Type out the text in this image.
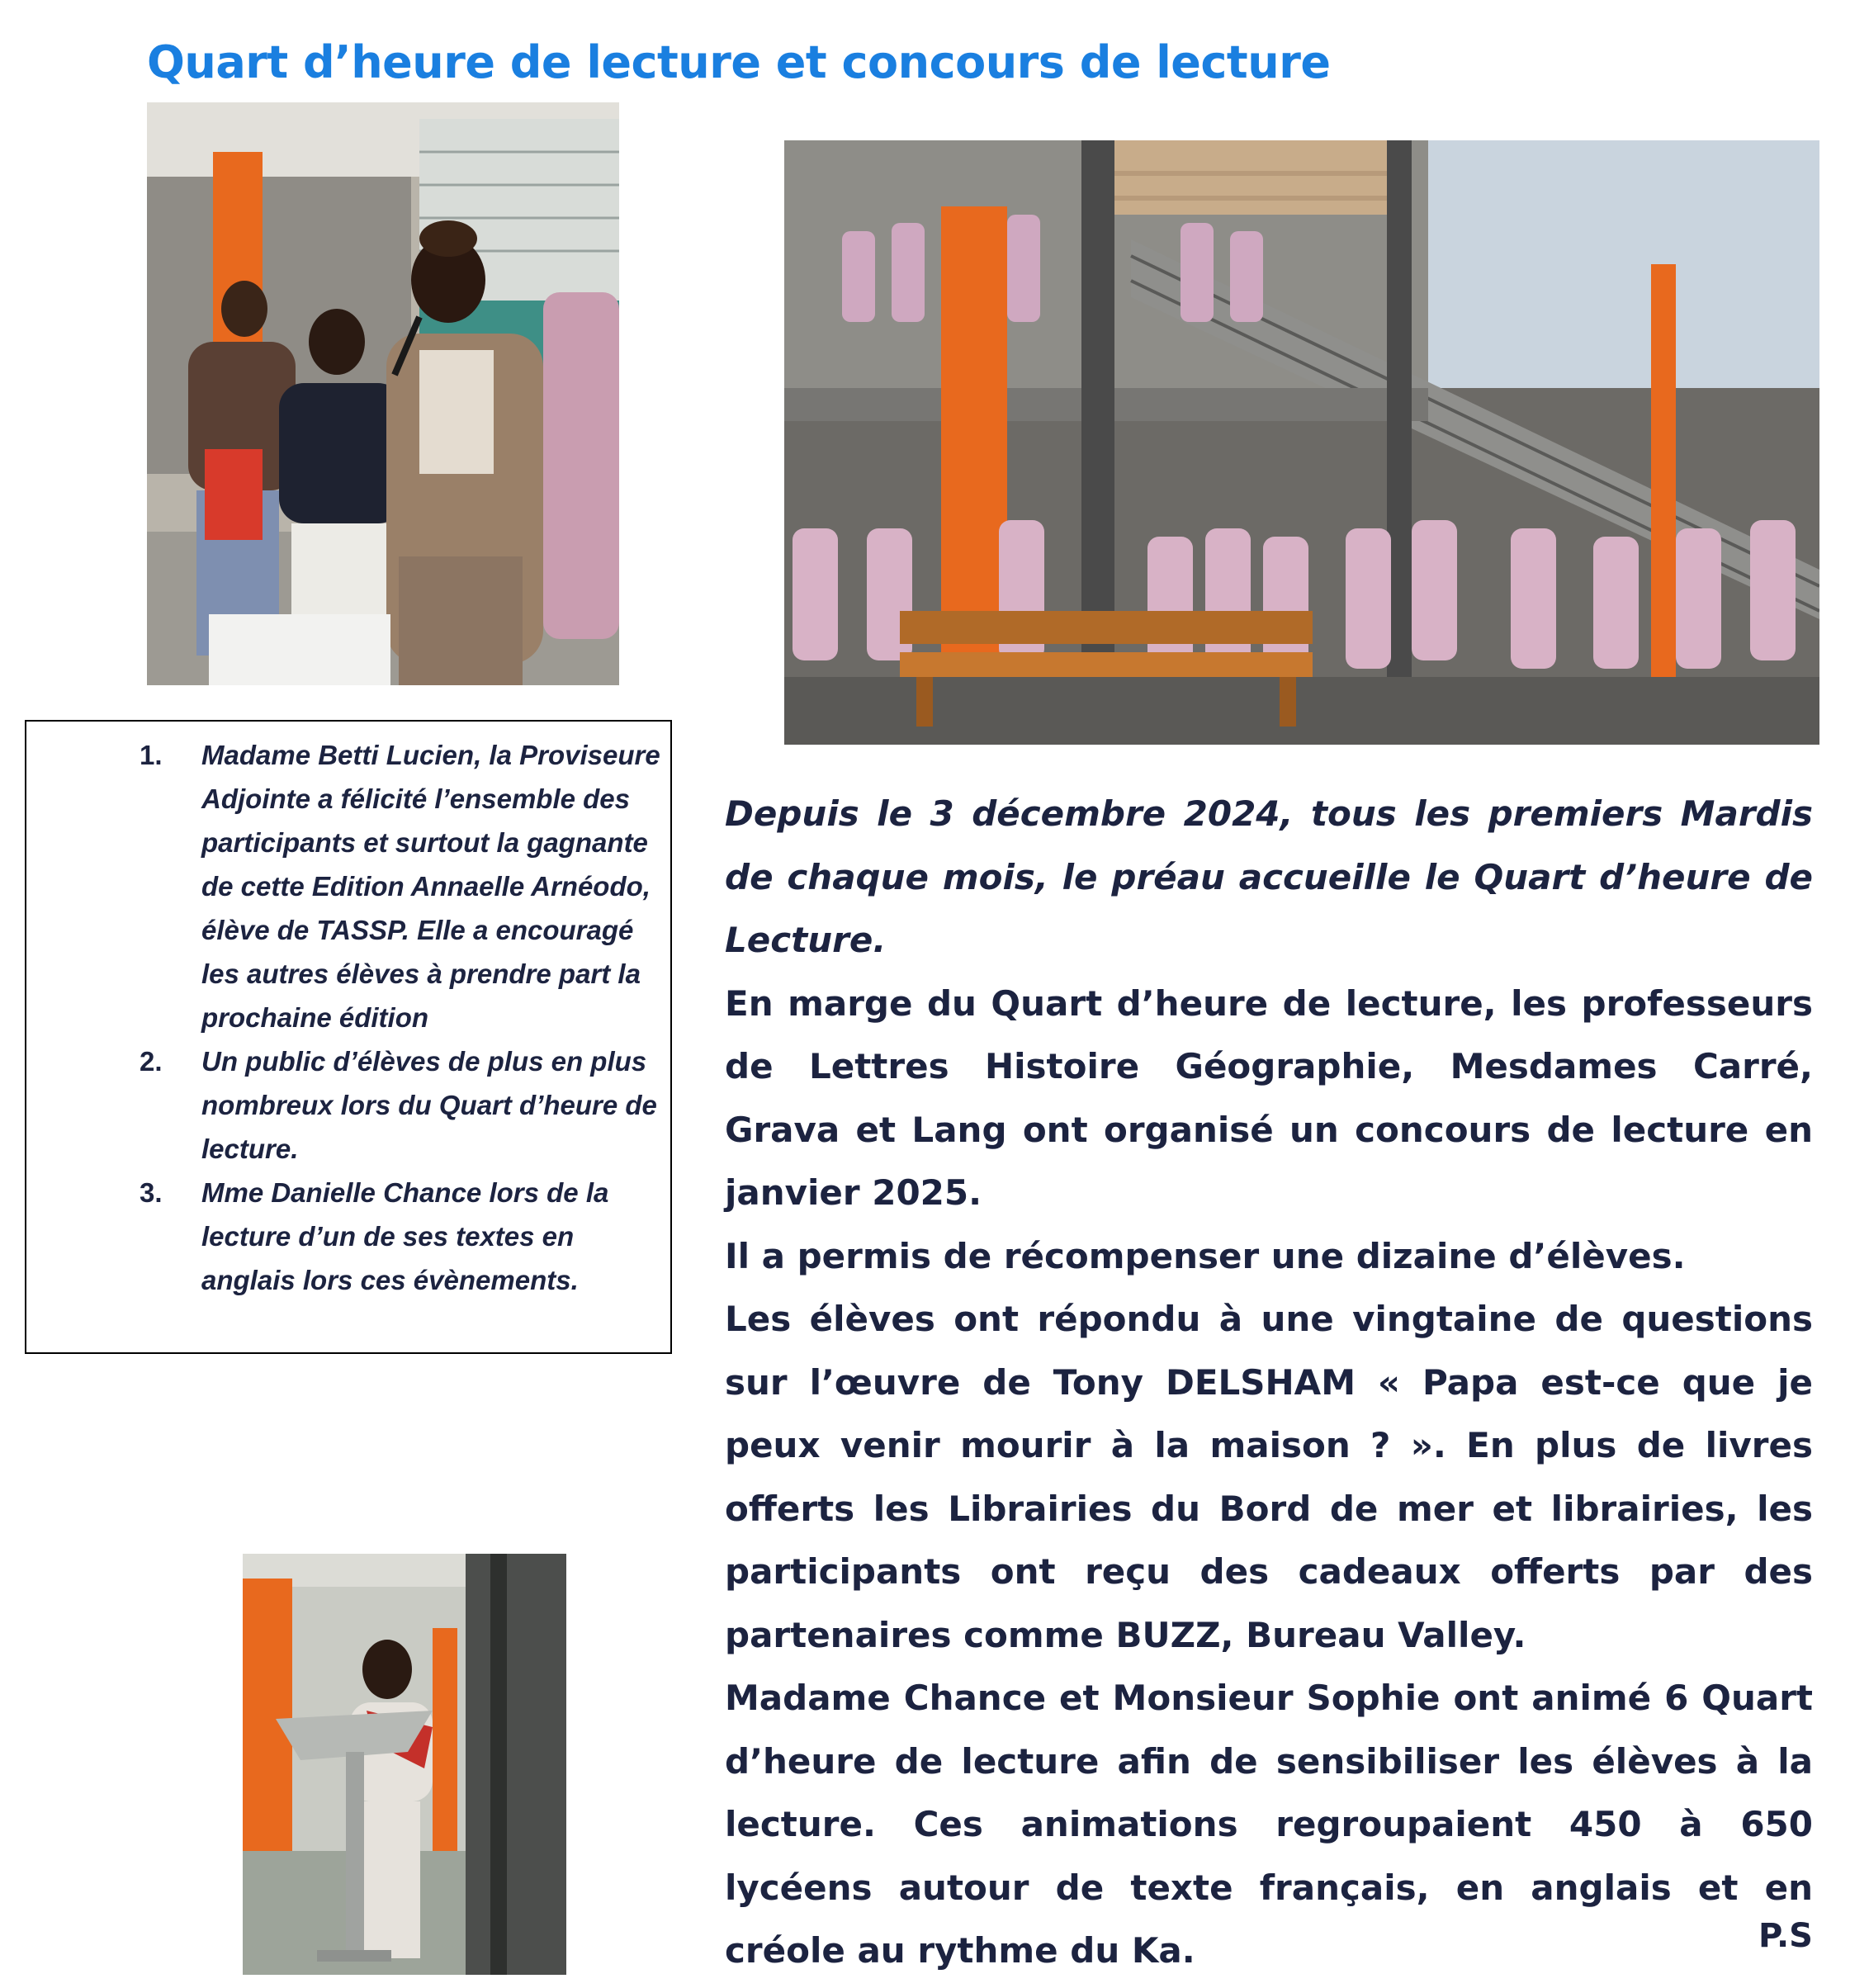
Quart d’heure de lecture et concours de lecture
1. Madame Betti Lucien, la Proviseure Adjointe a félicité l’ensemble des participants et surtout la gagnante de cette Edition Annaelle Arnéodo, élève de TASSP. Elle a encouragé les autres élèves à prendre part la prochaine édition
2. Un public d’élèves de plus en plus nombreux lors du Quart d’heure de lecture.
3. Mme Danielle Chance lors de la lecture d’un de ses textes en anglais lors ces évènements.

Depuis le 3 décembre 2024, tous les premiers Mardis de chaque mois, le préau accueille le Quart d’heure de Lecture.

En marge du Quart d’heure de lecture, les professeurs de Lettres Histoire Géographie, Mesdames Carré, Grava et Lang ont organisé un concours de lecture en janvier 2025.

Il a permis de récompenser une dizaine d’élèves.

Les élèves ont répondu à une vingtaine de questions sur l’œuvre de Tony DELSHAM « Papa est-ce que je peux venir mourir à la maison ? ». En plus de livres offerts les Librairies du Bord de mer et librairies, les participants ont reçu des cadeaux offerts par des partenaires comme BUZZ, Bureau Valley.

Madame Chance et Monsieur Sophie ont animé 6 Quart d’heure de lecture afin de sensibiliser les élèves à la lecture. Ces animations regroupaient 450 à 650 lycéens autour de texte français, en anglais et en créole au rythme du Ka.	P.S
